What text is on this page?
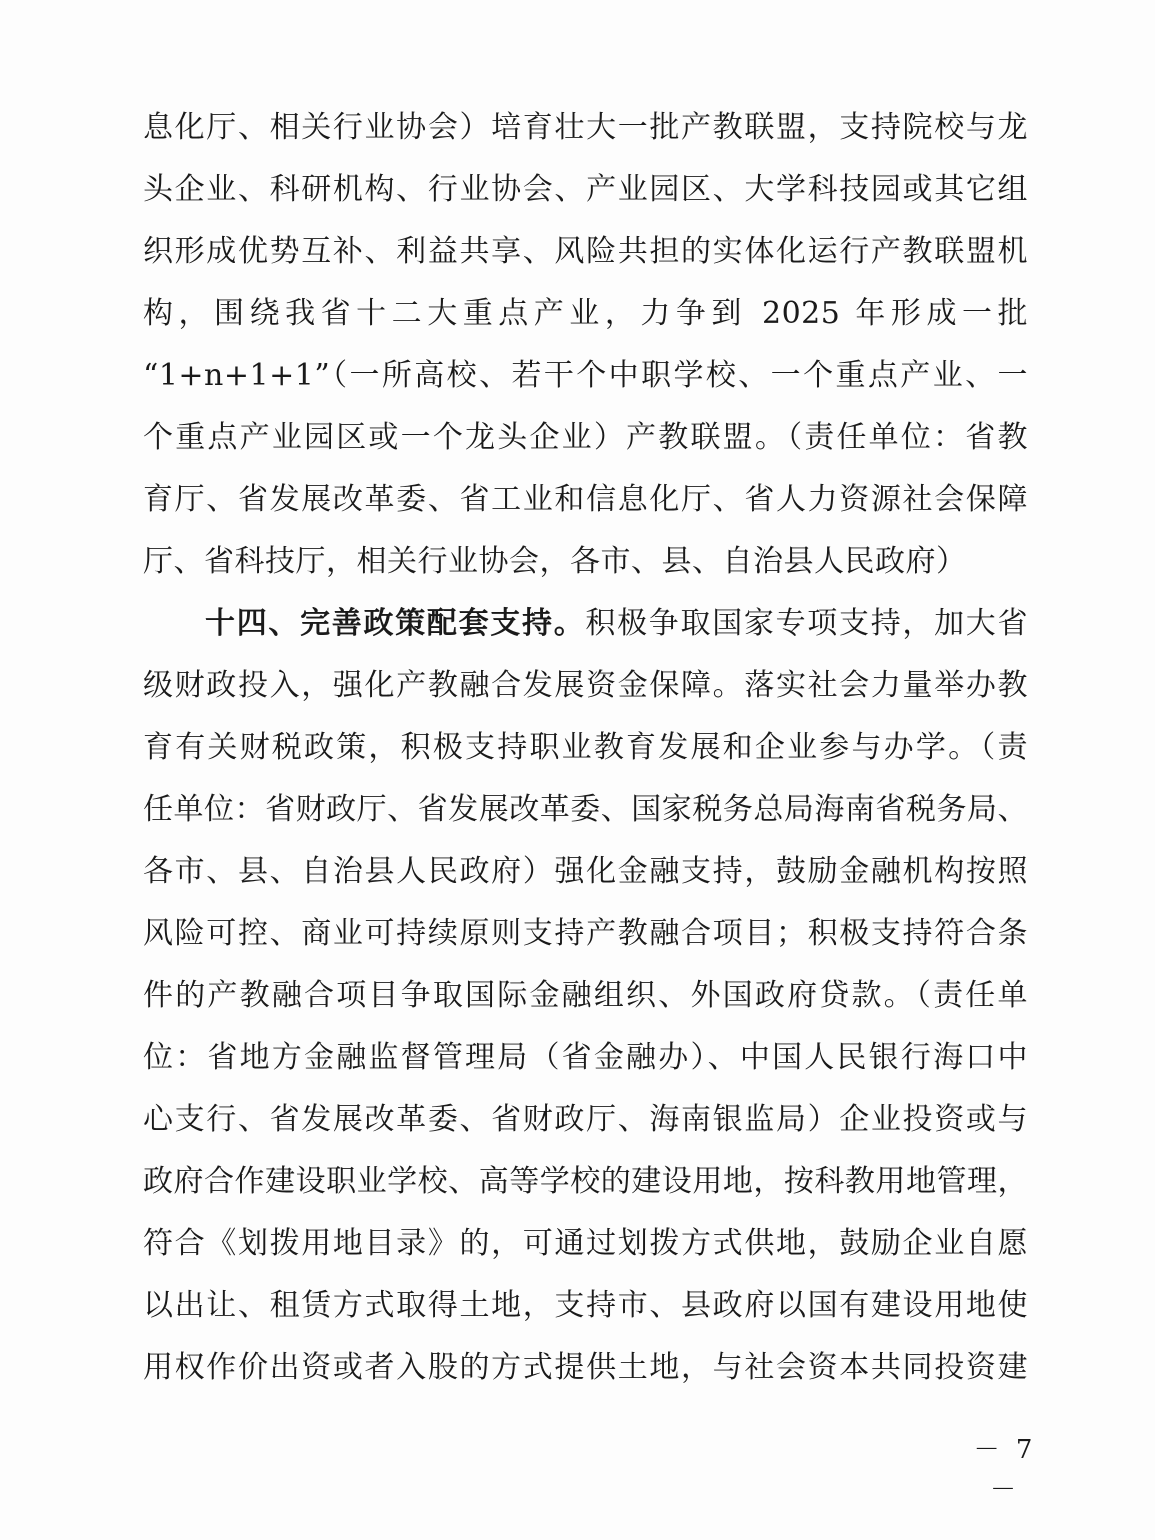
息化厅、相关行业协会）培育壮大一批产教联盟，支持院校与龙
头企业、科研机构、行业协会、产业园区、大学科技园或其它组
织形成优势互补、利益共享、风险共担的实体化运行产教联盟机
构，围绕我省十二大重点产业，力争到 2025 年形成一批
“1+n+1+1”（一所高校、若干个中职学校、一个重点产业、一
个重点产业园区或一个龙头企业）产教联盟。（责任单位：省教
育厅、省发展改革委、省工业和信息化厅、省人力资源社会保障
厅、省科技厅，相关行业协会，各市、县、自治县人民政府）
十四、完善政策配套支持。积极争取国家专项支持，加大省
级财政投入，强化产教融合发展资金保障。落实社会力量举办教
育有关财税政策，积极支持职业教育发展和企业参与办学。（责
任单位：省财政厅、省发展改革委、国家税务总局海南省税务局、
各市、县、自治县人民政府）强化金融支持，鼓励金融机构按照
风险可控、商业可持续原则支持产教融合项目；积极支持符合条
件的产教融合项目争取国际金融组织、外国政府贷款。（责任单
位：省地方金融监督管理局（省金融办）、中国人民银行海口中
心支行、省发展改革委、省财政厅、海南银监局）企业投资或与
政府合作建设职业学校、高等学校的建设用地，按科教用地管理，
符合《划拨用地目录》的，可通过划拨方式供地，鼓励企业自愿
以出让、租赁方式取得土地，支持市、县政府以国有建设用地使
用权作价出资或者入股的方式提供土地，与社会资本共同投资建
－ 7 －
